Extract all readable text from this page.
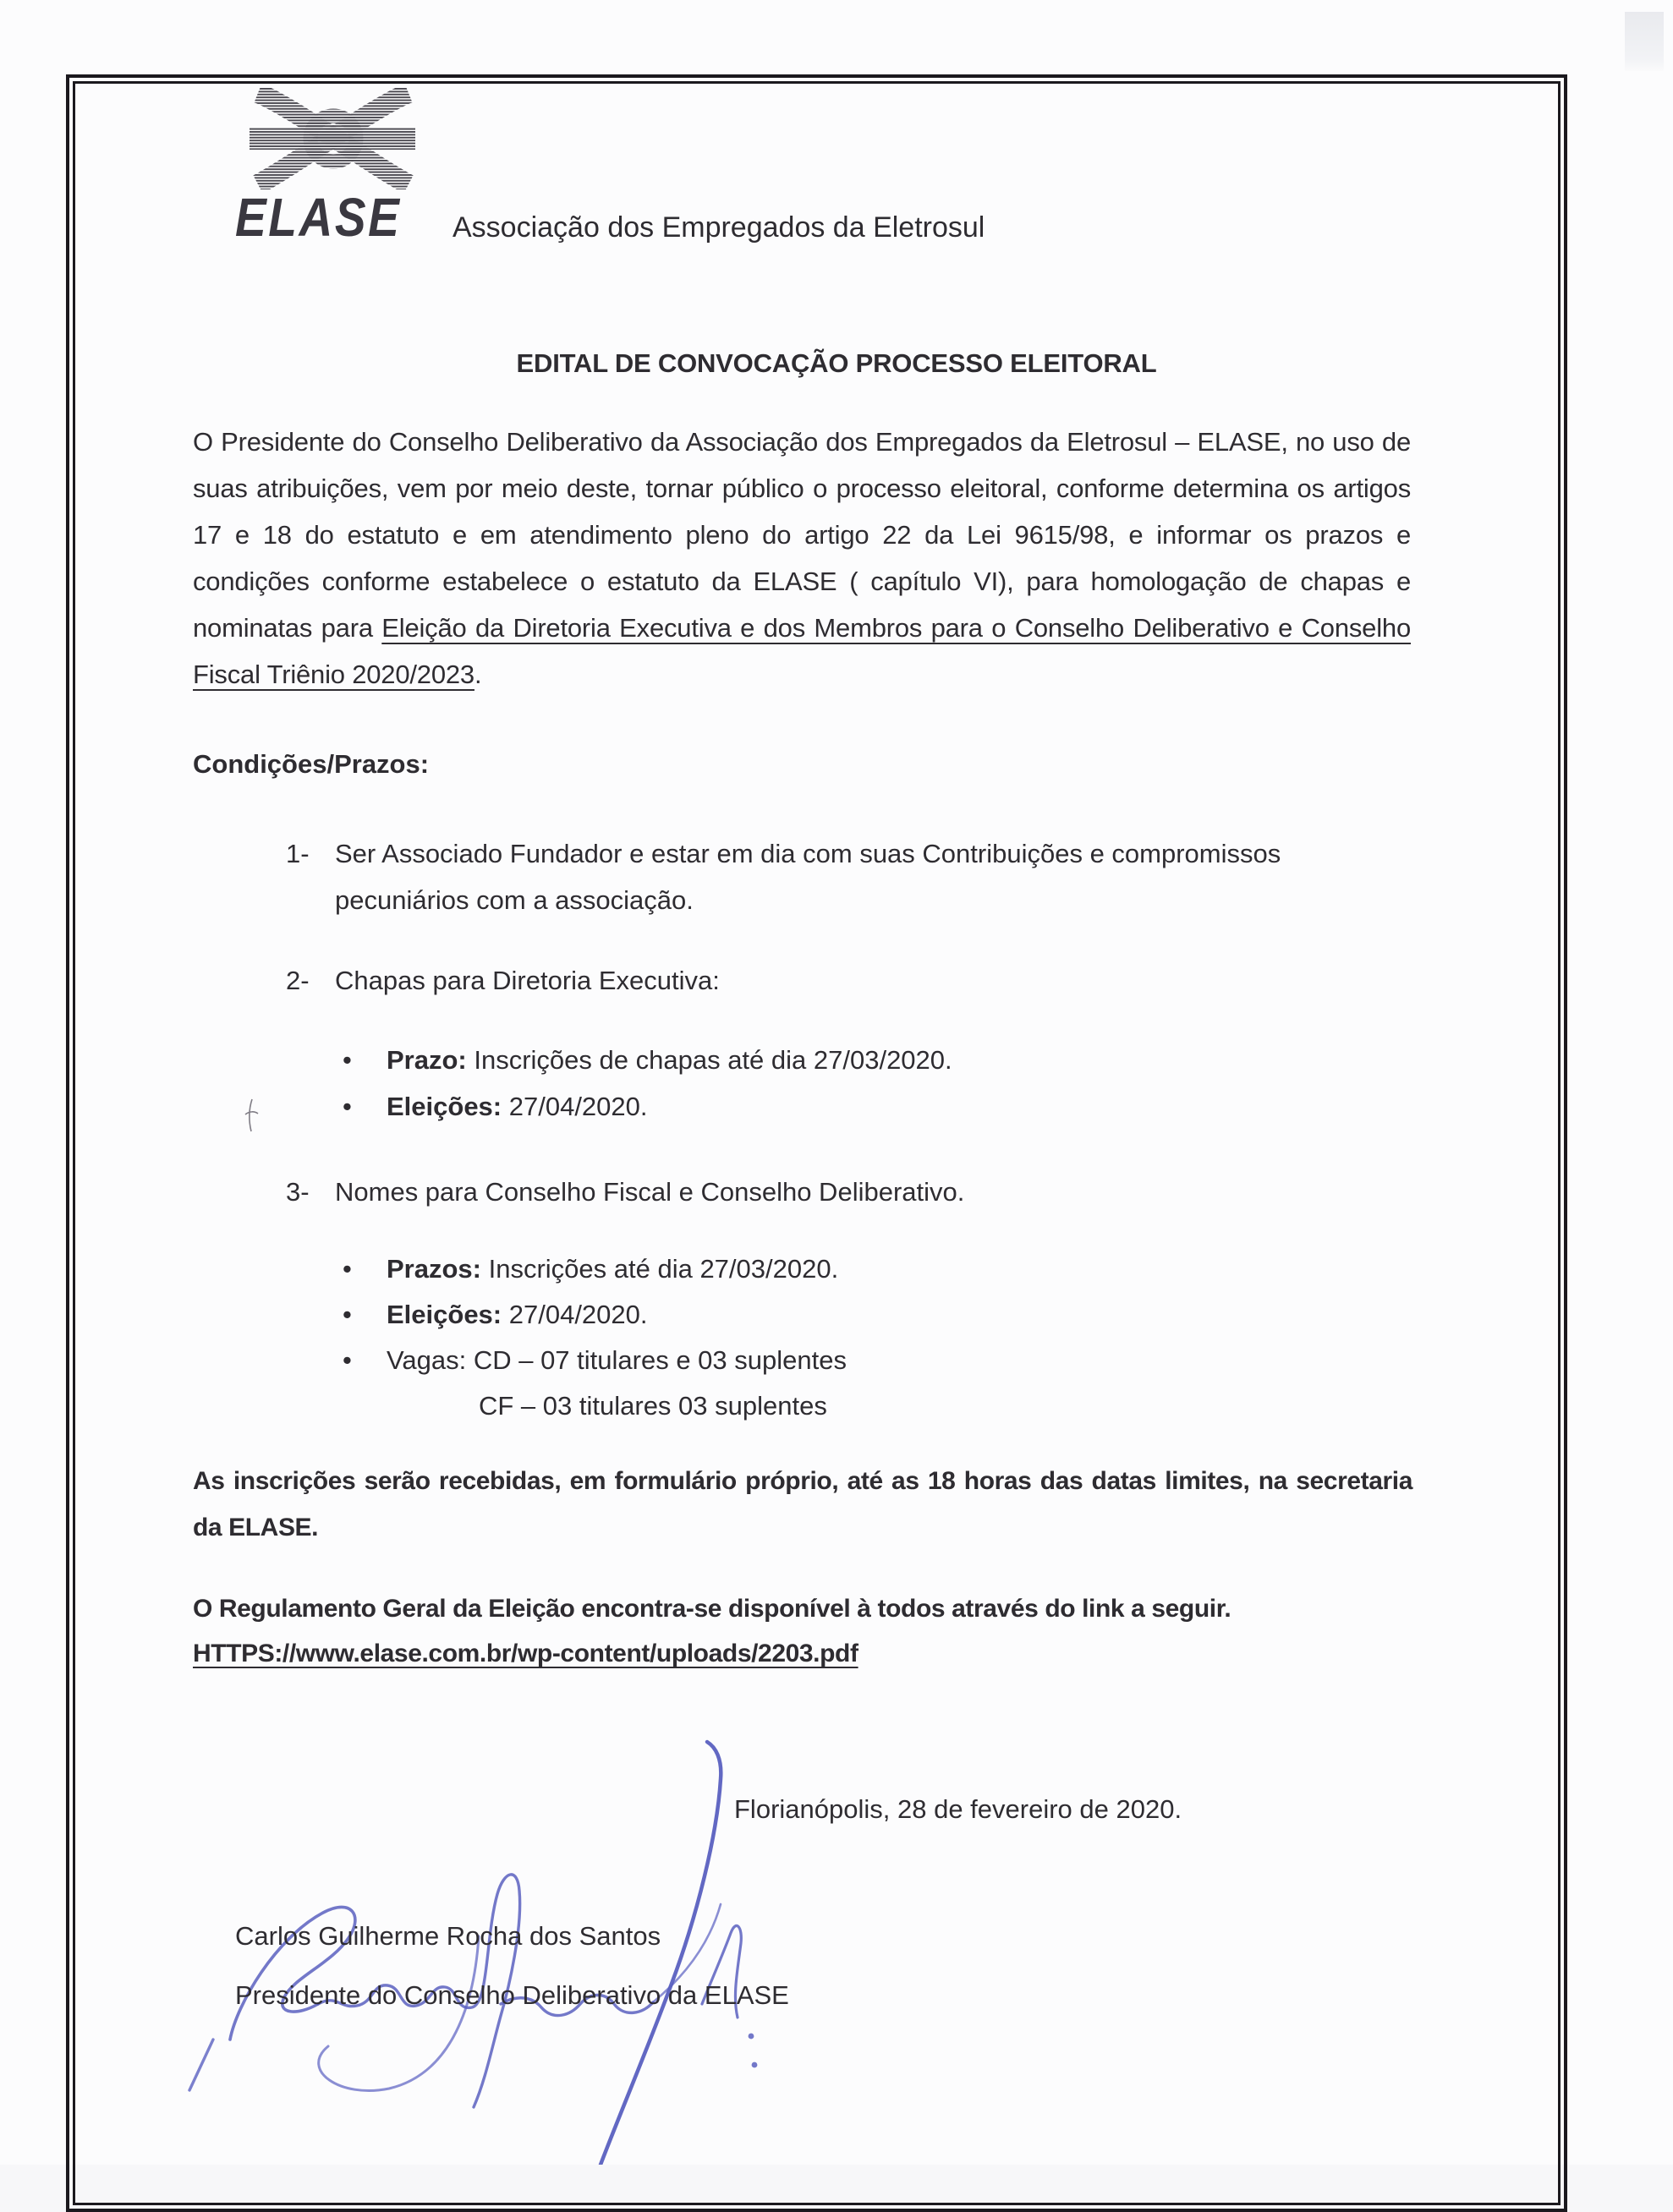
ELASE Associação dos Empregados da Eletrosul
EDITAL DE CONVOCAÇÃO PROCESSO ELEITORAL
O Presidente do Conselho Deliberativo da Associação dos Empregados da Eletrosul – ELASE, no uso de suas atribuições, vem por meio deste, tornar público o processo eleitoral, conforme determina os artigos 17 e 18 do estatuto e em atendimento pleno do artigo 22 da Lei 9615/98, e informar os prazos e condições conforme estabelece o estatuto da ELASE ( capítulo VI), para homologação de chapas e nominatas para Eleição da Diretoria Executiva e dos Membros para o Conselho Deliberativo e Conselho Fiscal Triênio 2020/2023.
Condições/Prazos:
1- Ser Associado Fundador e estar em dia com suas Contribuições e compromissos pecuniários com a associação.
2- Chapas para Diretoria Executiva:
•	Prazo: Inscrições de chapas até dia 27/03/2020.
•	Eleições: 27/04/2020.
3- Nomes para Conselho Fiscal e Conselho Deliberativo.
•	Prazos: Inscrições até dia 27/03/2020.
•	Eleições: 27/04/2020.
•	Vagas: CD – 07 titulares e 03 suplentes
CF – 03 titulares 03 suplentes
As inscrições serão recebidas, em formulário próprio, até as 18 horas das datas limites, na secretaria da ELASE.
O Regulamento Geral da Eleição encontra-se disponível à todos através do link a seguir.
HTTPS://www.elase.com.br/wp-content/uploads/2203.pdf
Florianópolis, 28 de fevereiro de 2020.
Carlos Guilherme Rocha dos Santos
Presidente do Conselho Deliberativo da ELASE
